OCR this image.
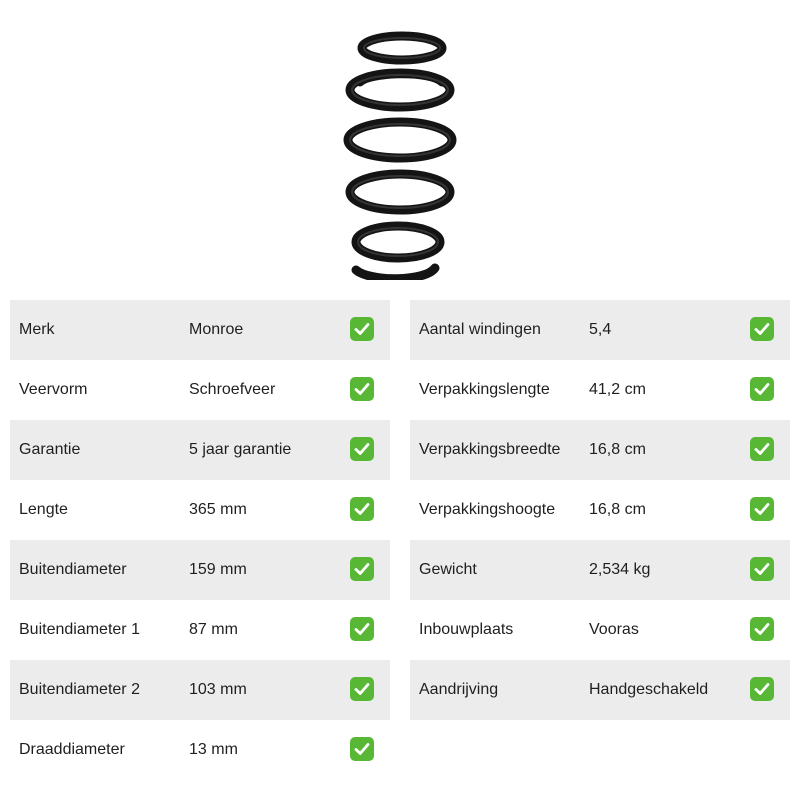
Merk	Monroe
Veervorm	Schroefveer
Garantie	5 jaar garantie
Lengte	365 mm
Buitendiameter	159 mm
Buitendiameter 1	87 mm
Buitendiameter 2	103 mm
Draaddiameter	13 mm
Aantal windingen	5,4
Verpakkingslengte 41,2 cm
Verpakkingsbreedte 16,8 cm
Verpakkingshoogte 16,8 cm
Gewicht	2,534 kg
Inbouwplaats	Vooras
Aandrijving	Handgeschakeld
